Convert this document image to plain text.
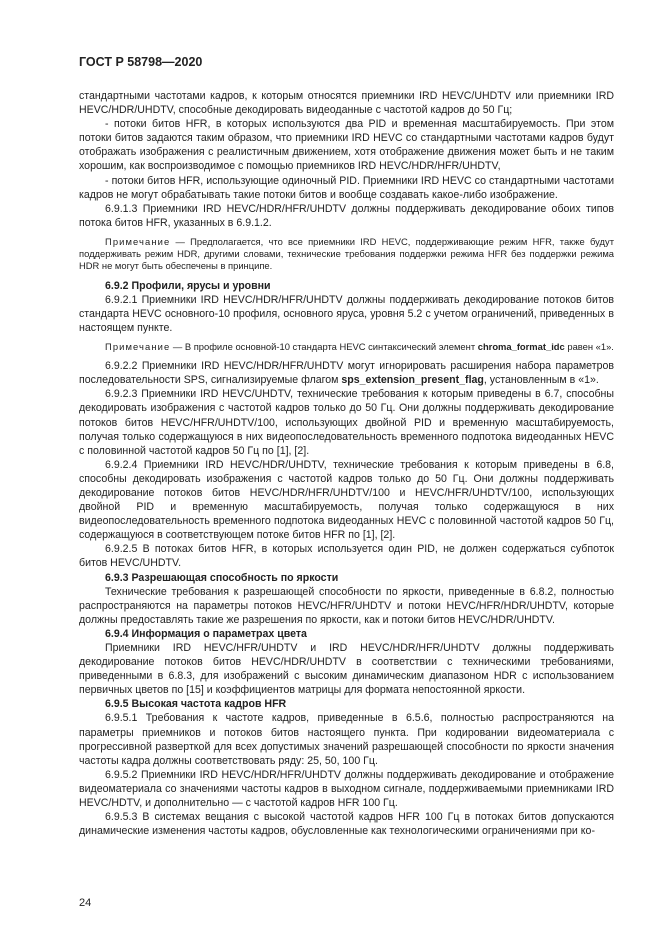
ГОСТ Р 58798—2020

стандартными частотами кадров, к которым относятся приемники IRD HEVC/UHDTV или приемники IRD HEVC/HDR/UHDTV, способные декодировать видеоданные с частотой кадров до 50 Гц;

- потоки битов HFR, в которых используются два PID и временная масштабируемость. При этом потоки битов задаются таким образом, что приемники IRD HEVC со стандартными частотами кадров будут отображать изображения с реалистичным движением, хотя отображение движения может быть и не таким хорошим, как воспроизводимое с помощью приемников IRD HEVC/HDR/HFR/UHDTV,

- потоки битов HFR, использующие одиночный PID. Приемники IRD HEVC со стандартными частотами кадров не могут обрабатывать такие потоки битов и вообще создавать какое-либо изображение.

6.9.1.3 Приемники IRD HEVC/HDR/HFR/UHDTV должны поддерживать декодирование обоих типов потока битов HFR, указанных в 6.9.1.2.

Примечание — Предполагается, что все приемники IRD HEVC, поддерживающие режим HFR, также будут поддерживать режим HDR, другими словами, технические требования поддержки режима HFR без поддержки режима HDR не могут быть обеспечены в принципе.

6.9.2 Профили, ярусы и уровни

6.9.2.1 Приемники IRD HEVC/HDR/HFR/UHDTV должны поддерживать декодирование потоков битов стандарта HEVC основного-10 профиля, основного яруса, уровня 5.2 с учетом ограничений, приведенных в настоящем пункте.

Примечание — В профиле основной-10 стандарта HEVC синтаксический элемент chroma_format_idc равен «1».

6.9.2.2 Приемники IRD HEVC/HDR/HFR/UHDTV могут игнорировать расширения набора параметров последовательности SPS, сигнализируемые флагом sps_extension_present_flag, установленным в «1».

6.9.2.3 Приемники IRD HEVC/UHDTV, технические требования к которым приведены в 6.7, способны декодировать изображения с частотой кадров только до 50 Гц. Они должны поддерживать декодирование потоков битов HEVC/HFR/UHDTV/100, использующих двойной PID и временную масштабируемость, получая только содержащуюся в них видеопоследовательность временного подпотока видеоданных HEVC с половинной частотой кадров 50 Гц по [1], [2].

6.9.2.4 Приемники IRD HEVC/HDR/UHDTV, технические требования к которым приведены в 6.8, способны декодировать изображения с частотой кадров только до 50 Гц. Они должны поддерживать декодирование потоков битов HEVC/HDR/HFR/UHDTV/100 и HEVC/HFR/UHDTV/100, использующих двойной PID и временную масштабируемость, получая только содержащуюся в них видеопоследовательность временного подпотока видеоданных HEVC с половинной частотой кадров 50 Гц, содержащуюся в соответствующем потоке битов HFR по [1], [2].

6.9.2.5 В потоках битов HFR, в которых используется один PID, не должен содержаться субпоток битов HEVC/UHDTV.

6.9.3 Разрешающая способность по яркости

Технические требования к разрешающей способности по яркости, приведенные в 6.8.2, полностью распространяются на параметры потоков HEVC/HFR/UHDTV и потоки HEVC/HFR/HDR/UHDTV, которые должны предоставлять такие же разрешения по яркости, как и потоки битов HEVC/HDR/UHDTV.

6.9.4 Информация о параметрах цвета

Приемники IRD HEVC/HFR/UHDTV и IRD HEVC/HDR/HFR/UHDTV должны поддерживать декодирование потоков битов HEVC/HDR/UHDTV в соответствии с техническими требованиями, приведенными в 6.8.3, для изображений с высоким динамическим диапазоном HDR с использованием первичных цветов по [15] и коэффициентов матрицы для формата непостоянной яркости.

6.9.5 Высокая частота кадров HFR

6.9.5.1 Требования к частоте кадров, приведенные в 6.5.6, полностью распространяются на параметры приемников и потоков битов настоящего пункта. При кодировании видеоматериала с прогрессивной разверткой для всех допустимых значений разрешающей способности по яркости значения частоты кадра должны соответствовать ряду: 25, 50, 100 Гц.

6.9.5.2 Приемники IRD HEVC/HDR/HFR/UHDTV должны поддерживать декодирование и отображение видеоматериала со значениями частоты кадров в выходном сигнале, поддерживаемыми приемниками IRD HEVC/HDTV, и дополнительно — с частотой кадров HFR 100 Гц.

6.9.5.3 В системах вещания с высокой частотой кадров HFR 100 Гц в потоках битов допускаются динамические изменения частоты кадров, обусловленные как технологическими ограничениями при ко-

24
